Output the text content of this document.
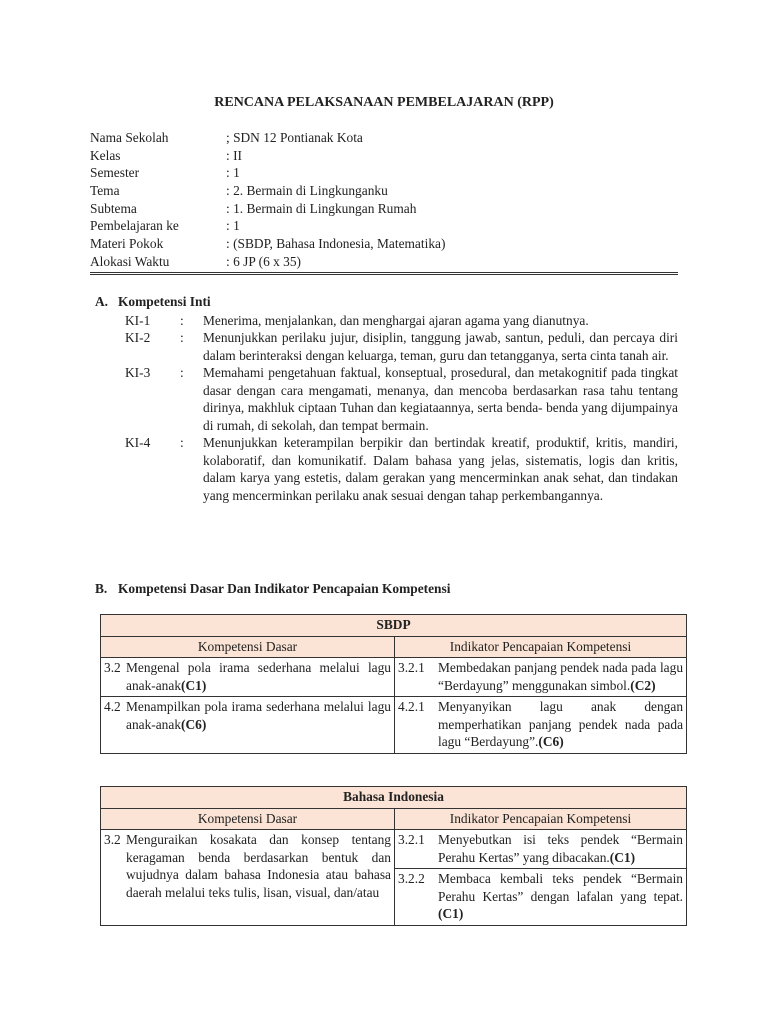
RENCANA PELAKSANAAN PEMBELAJARAN (RPP)
Nama Sekolah	; SDN 12 Pontianak Kota
Kelas	: II
Semester	: 1
Tema	: 2. Bermain di Lingkunganku
Subtema	: 1. Bermain di Lingkungan Rumah
Pembelajaran ke	: 1
Materi Pokok	: (SBDP, Bahasa Indonesia, Matematika)
Alokasi Waktu	: 6 JP (6 x 35)
A. Kompetensi Inti
KI-1	:	Menerima, menjalankan, dan menghargai ajaran agama yang dianutnya.
KI-2	:	Menunjukkan perilaku jujur, disiplin, tanggung jawab, santun, peduli, dan percaya diri dalam berinteraksi dengan keluarga, teman, guru dan tetangganya, serta cinta tanah air.
KI-3	:	Memahami pengetahuan faktual, konseptual, prosedural, dan metakognitif pada tingkat dasar dengan cara mengamati, menanya, dan mencoba berdasarkan rasa tahu tentang dirinya, makhluk ciptaan Tuhan dan kegiataannya, serta benda- benda yang dijumpainya di rumah, di sekolah, dan tempat bermain.
KI-4	:	Menunjukkan keterampilan berpikir dan bertindak kreatif, produktif, kritis, mandiri, kolaboratif, dan komunikatif. Dalam bahasa yang jelas, sistematis, logis dan kritis, dalam karya yang estetis, dalam gerakan yang mencerminkan anak sehat, dan tindakan yang mencerminkan perilaku anak sesuai dengan tahap perkembangannya.
B. Kompetensi Dasar Dan Indikator Pencapaian Kompetensi
SBDP	
Kompetensi Dasar	Indikator Pencapaian Kompetensi

3.2 Mengenal pola irama sederhana melalui lagu anak-anak(C1)	3.2.1 Membedakan panjang pendek nada pada lagu “Berdayung” menggunakan simbol.(C2)

4.2 Menampilkan pola irama sederhana melalui lagu anak-anak(C6)	4.2.1 Menyanyikan lagu anak dengan memperhatikan panjang pendek nada pada lagu “Berdayung”.(C6)
Bahasa Indonesia	
Kompetensi Dasar	Indikator Pencapaian Kompetensi

3.2 Menguraikan kosakata dan konsep tentang keragaman benda berdasarkan bentuk dan wujudnya dalam bahasa Indonesia atau bahasa daerah melalui teks tulis, lisan, visual, dan/atau	3.2.1 Menyebutkan isi teks pendek “Bermain Perahu Kertas” yang dibacakan.(C1)

	3.2.2 Membaca kembali teks pendek “Bermain Perahu Kertas” dengan lafalan yang tepat.(C1)
